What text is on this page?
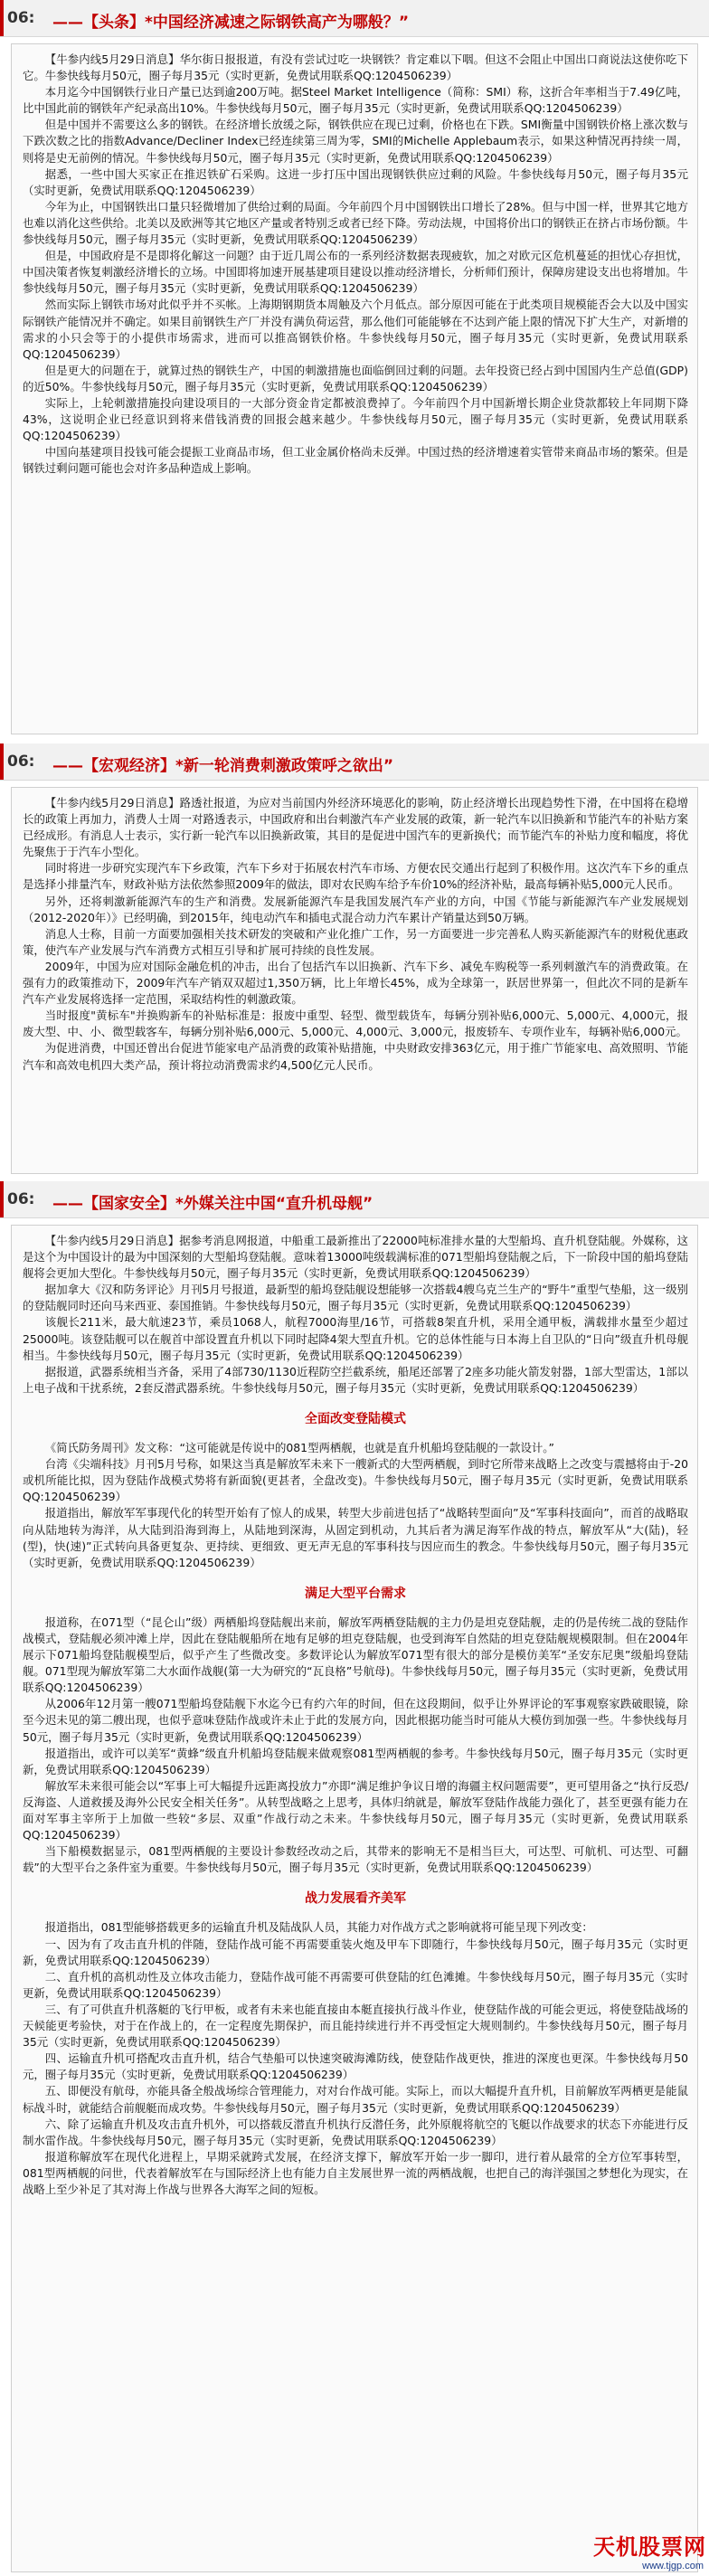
06: ——【头条】*中国经济减速之际钢铁高产为哪般？”

【牛参内线5月29日消息】华尔街日报报道，有没有尝试过吃一块钢铁？肯定难以下咽。但这不会阻止中国出口商说法这使你吃下它。牛参快线每月50元，圈子每月35元（实时更新，免费试用联系QQ:1204506239）

本月迄今中国钢铁行业日产量已达到逾200万吨。据Steel Market Intelligence（简称：SMI）称，这折合年率相当于7.49亿吨，比中国此前的钢铁年产纪录高出10%。牛参快线每月50元，圈子每月35元（实时更新，免费试用联系QQ:1204506239）

但是中国并不需要这么多的钢铁。在经济增长放缓之际，钢铁供应在现已过剩，价格也在下跌。SMI衡量中国钢铁价格上涨次数与下跌次数之比的指数Advance/Decliner Index已经连续第三周为零，SMI的Michelle Applebaum表示，如果这种情况再持续一周，则将是史无前例的情况。牛参快线每月50元，圈子每月35元（实时更新，免费试用联系QQ:1204506239）

据悉，一些中国大买家正在推迟铁矿石采购。这进一步打压中国出现钢铁供应过剩的风险。牛参快线每月50元，圈子每月35元（实时更新，免费试用联系QQ:1204506239）

今年为止，中国钢铁出口量只轻微增加了供给过剩的局面。今年前四个月中国钢铁出口增长了28%。但与中国一样，世界其它地方也难以消化这些供给。北美以及欧洲等其它地区产量或者特别乏或者已经下降。劳动法规，中国将价出口的钢铁正在挤占市场份额。牛参快线每月50元，圈子每月35元（实时更新，免费试用联系QQ:1204506239）

但是，中国政府是不是即将化解这一问题？由于近几周公布的一系列经济数据表现疲软，加之对欧元区危机蔓延的担忧心存担忧，中国决策者恢复刺激经济增长的立场。中国即将加速开展基建项目建设以推动经济增长，分析师们预计，保障房建设支出也将增加。牛参快线每月50元，圈子每月35元（实时更新，免费试用联系QQ:1204506239）

然而实际上钢铁市场对此似乎并不买帐。上海期钢期货本周触及六个月低点。部分原因可能在于此类项目规模能否会大以及中国实际钢铁产能情况并不确定。如果目前钢铁生产厂并没有满负荷运营，那么他们可能能够在不达到产能上限的情况下扩大生产，对新增的需求的小只会等于的小提供市场需求，进而可以推高钢铁价格。牛参快线每月50元，圈子每月35元（实时更新，免费试用联系QQ:1204506239）

但是更大的问题在于，就算过热的钢铁生产，中国的刺激措施也面临倒回过剩的问题。去年投资已经占到中国国内生产总值(GDP)的近50%。牛参快线每月50元，圈子每月35元（实时更新，免费试用联系QQ:1204506239）

实际上，上轮刺激措施投向建设项目的一大部分资金肯定都被浪费掉了。今年前四个月中国新增长期企业贷款都较上年同期下降43%，这说明企业已经意识到将来借钱消费的回报会越来越少。牛参快线每月50元，圈子每月35元（实时更新，免费试用联系QQ:1204506239）

中国向基建项目投钱可能会提振工业商品市场，但工业金属价格尚未反弹。中国过热的经济增速着实管带来商品市场的繁荣。但是钢铁过剩问题可能也会对许多品种造成上影响。

06: ——【宏观经济】*新一轮消费刺激政策呼之欲出”

【牛参内线5月29日消息】路透社报道，为应对当前国内外经济环境恶化的影响，防止经济增长出现趋势性下滑，在中国将在稳增长的政策上再加力，消费人士周一对路透表示，中国政府和出台刺激汽车产业发展的政策，新一轮汽车以旧换新和节能汽车的补贴方案已经成形。有消息人士表示，实行新一轮汽车以旧换新政策，其目的是促进中国汽车的更新换代；而节能汽车的补贴力度和幅度，将优先聚焦于于汽车小型化。

同时将进一步研究实现汽车下乡政策，汽车下乡对于拓展农村汽车市场、方便农民交通出行起到了积极作用。这次汽车下乡的重点是选择小排量汽车，财政补贴方法依然参照2009年的做法，即对农民购车给予车价10%的经济补贴，最高每辆补贴5,000元人民币。

另外，还将刺激新能源汽车的生产和消费。发展新能源汽车是我国发展汽车产业的方向，中国《节能与新能源汽车产业发展规划（2012-2020年）》已经明确，到2015年，纯电动汽车和插电式混合动力汽车累计产销量达到50万辆。

消息人士称，目前一方面要加强相关技术研发的突破和产业化推广工作，另一方面要进一步完善私人购买新能源汽车的财税优惠政策，使汽车产业发展与汽车消费方式相互引导和扩展可持续的良性发展。

2009年，中国为应对国际金融危机的冲击，出台了包括汽车以旧换新、汽车下乡、减免车购税等一系列刺激汽车的消费政策。在强有力的政策推动下，2009年汽车产销双双超过1,350万辆，比上年增长45%，成为全球第一，跃居世界第一，但此次不同的是新车汽车产业发展将选择一定范围，采取结构性的刺激政策。

当时报度"黄标车"并换购新车的补贴标准是：报废中重型、轻型、微型载货车，每辆分别补贴6,000元、5,000元、4,000元，报废大型、中、小、微型载客车，每辆分别补贴6,000元、5,000元、4,000元、3,000元，报废轿车、专项作业车，每辆补贴6,000元。

为促进消费，中国还曾出台促进节能家电产品消费的政策补贴措施，中央财政安排363亿元，用于推广节能家电、高效照明、节能汽车和高效电机四大类产品，预计将拉动消费需求约4,500亿元人民币。

06: ——【国家安全】*外媒关注中国“直升机母舰”

【牛参内线5月29日消息】据参考消息网报道，中船重工最新推出了22000吨标准排水量的大型船坞、直升机登陆舰。外媒称，这是这个为中国设计的最为中国深刻的大型船坞登陆舰。意味着13000吨级载满标准的071型船坞登陆舰之后，下一阶段中国的船坞登陆舰将会更加大型化。牛参快线每月50元，圈子每月35元（实时更新，免费试用联系QQ:1204506239）

据加拿大《汉和防务评论》月刊5月号报道，最新型的船坞登陆舰设想能够一次搭载4艘乌克兰生产的“野牛”重型气垫船，这一级别的登陆舰同时还向马来西亚、泰国推销。牛参快线每月50元，圈子每月35元（实时更新，免费试用联系QQ:1204506239）

该舰长211米，最大航速23节，乘员1068人，航程7000海里/16节，可搭载8架直升机，采用全通甲板，满载排水量至少超过25000吨。该登陆舰可以在舰首中部设置直升机以下同时起降4架大型直升机。它的总体性能与日本海上自卫队的“日向”级直升机母舰相当。牛参快线每月50元，圈子每月35元（实时更新，免费试用联系QQ:1204506239）

据报道，武器系统相当齐备，采用了4部730/1130近程防空拦截系统，船尾还部署了2座多功能火箭发射器，1部大型雷达，1部以上电子战和干扰系统，2套反潜武器系统。牛参快线每月50元，圈子每月35元（实时更新，免费试用联系QQ:1204506239）

全面改变登陆模式

《简氏防务周刊》发文称：“这可能就是传说中的081型两栖舰，也就是直升机船坞登陆舰的一款设计。”

台湾《尖端科技》月刊5月号称，如果这当真是解放军未来下一艘新式的大型两栖舰，到时它所带来战略上之改变与震撼将由于-20或机所能比拟，因为登陆作战模式势将有新面貌(更甚者，全盘改变)。牛参快线每月50元，圈子每月35元（实时更新，免费试用联系QQ:1204506239）

报道指出，解放军军事现代化的转型开始有了惊人的成果，转型大步前进包括了“战略转型面向”及“军事科技面向”，而首的战略取向从陆地转为海洋，从大陆到沿海到海上，从陆地到深海，从固定到机动，九其后者为满足海军作战的特点，解放军从“大(陆)，轻(型)，快(速)”正式转向具备更复杂、更持续、更细致、更无声无息的军事科技与因应而生的教念。牛参快线每月50元，圈子每月35元（实时更新，免费试用联系QQ:1204506239）

满足大型平台需求

报道称，在071型（“昆仑山”级）两栖船坞登陆舰出来前，解放军两栖登陆舰的主力仍是坦克登陆舰，走的仍是传统二战的登陆作战模式，登陆舰必须冲滩上岸，因此在登陆舰船所在地有足够的坦克登陆舰，也受到海军自然陆的坦克登陆舰规模限制。但在2004年展示下071船坞登陆舰模型后，似乎产生了些微改变。多数评论认为解放军071型有很大的部分是模仿美军“圣安东尼奥”级船坞登陆舰。071型现为解放军第二大水面作战舰(第一大为研究的“瓦良格”号航母)。牛参快线每月50元，圈子每月35元（实时更新，免费试用联系QQ:1204506239）

从2006年12月第一艘071型船坞登陆舰下水迄今已有约六年的时间，但在这段期间，似乎让外界评论的军事观察家跌破眼镜，除至今迟未见的第二艘出现，也似乎意味登陆作战或许未止于此的发展方向，因此根据功能当时可能从大模仿到加强一些。牛参快线每月50元，圈子每月35元（实时更新，免费试用联系QQ:1204506239）

报道指出，或许可以美军“黄蜂”级直升机船坞登陆舰来做观察081型两栖舰的参考。牛参快线每月50元，圈子每月35元（实时更新，免费试用联系QQ:1204506239）

解放军未来很可能会以“军事上可大幅提升远距离投放力”亦即“满足维护争议日增的海疆主权问题需要”，更可望用备之“执行反恐/反海盗、人道救援及海外公民安全相关任务”。从转型战略之上思考，具体归纳就是，解放军登陆作战能力强化了，甚至更强有能力在面对军事主宰所于上加做一些较“多层、双重”作战行动之未来。牛参快线每月50元，圈子每月35元（实时更新，免费试用联系QQ:1204506239）

当下船模数据显示，081型两栖舰的主要设计参数经改动之后，其带来的影响无不是相当巨大，可达型、可航机、可达型、可翻载”的大型平台之条件室为重要。牛参快线每月50元，圈子每月35元（实时更新，免费试用联系QQ:1204506239）

战力发展看齐美军

报道指出，081型能够搭载更多的运输直升机及陆战队人员，其能力对作战方式之影响就将可能呈现下列改变：

一、因为有了攻击直升机的伴随，登陆作战可能不再需要重装火炮及甲车下即随行，牛参快线每月50元，圈子每月35元（实时更新，免费试用联系QQ:1204506239）

二、直升机的高机动性及立体攻击能力，登陆作战可能不再需要可供登陆的红色滩摊。牛参快线每月50元，圈子每月35元（实时更新，免费试用联系QQ:1204506239）

三、有了可供直升机落艇的飞行甲板，或者有未来也能直接由本艇直接执行战斗作业，使登陆作战的可能会更远，将使登陆战场的天候能更考验快，对于在作战上的，在一定程度先期保护，而且能持续进行并不再受恒定大规则制约。牛参快线每月50元，圈子每月35元（实时更新，免费试用联系QQ:1204506239）

四、运输直升机可搭配攻击直升机，结合气垫船可以快速突破海滩防线，使登陆作战更快，推进的深度也更深。牛参快线每月50元，圈子每月35元（实时更新，免费试用联系QQ:1204506239）

五、即便没有航母，亦能具备全般战场综合管理能力，对对台作战可能。实际上，而以大幅提升直升机，目前解放军两栖更是能鼠标战斗时，就能结合前舰艇而成攻势。牛参快线每月50元，圈子每月35元（实时更新，免费试用联系QQ:1204506239）

六、除了运输直升机及攻击直升机外，可以搭载反潜直升机执行反潜任务，此外原舰将航空的飞艇以作战要求的状态下亦能进行反制水雷作战。牛参快线每月50元，圈子每月35元（实时更新，免费试用联系QQ:1204506239）

报道称解放军在现代化进程上，早期采就跨式发展，在经济支撑下，解放军开始一步一脚印，进行着从最常的全方位军事转型，081型两栖舰的问世，代表着解放军在与国际经济上也有能力自主发展世界一流的两栖战舰，也把自己的海洋强国之梦想化为现实，在战略上至少补足了其对海上作战与世界各大海军之间的短板。

天机股票网
www.tjgp.com
